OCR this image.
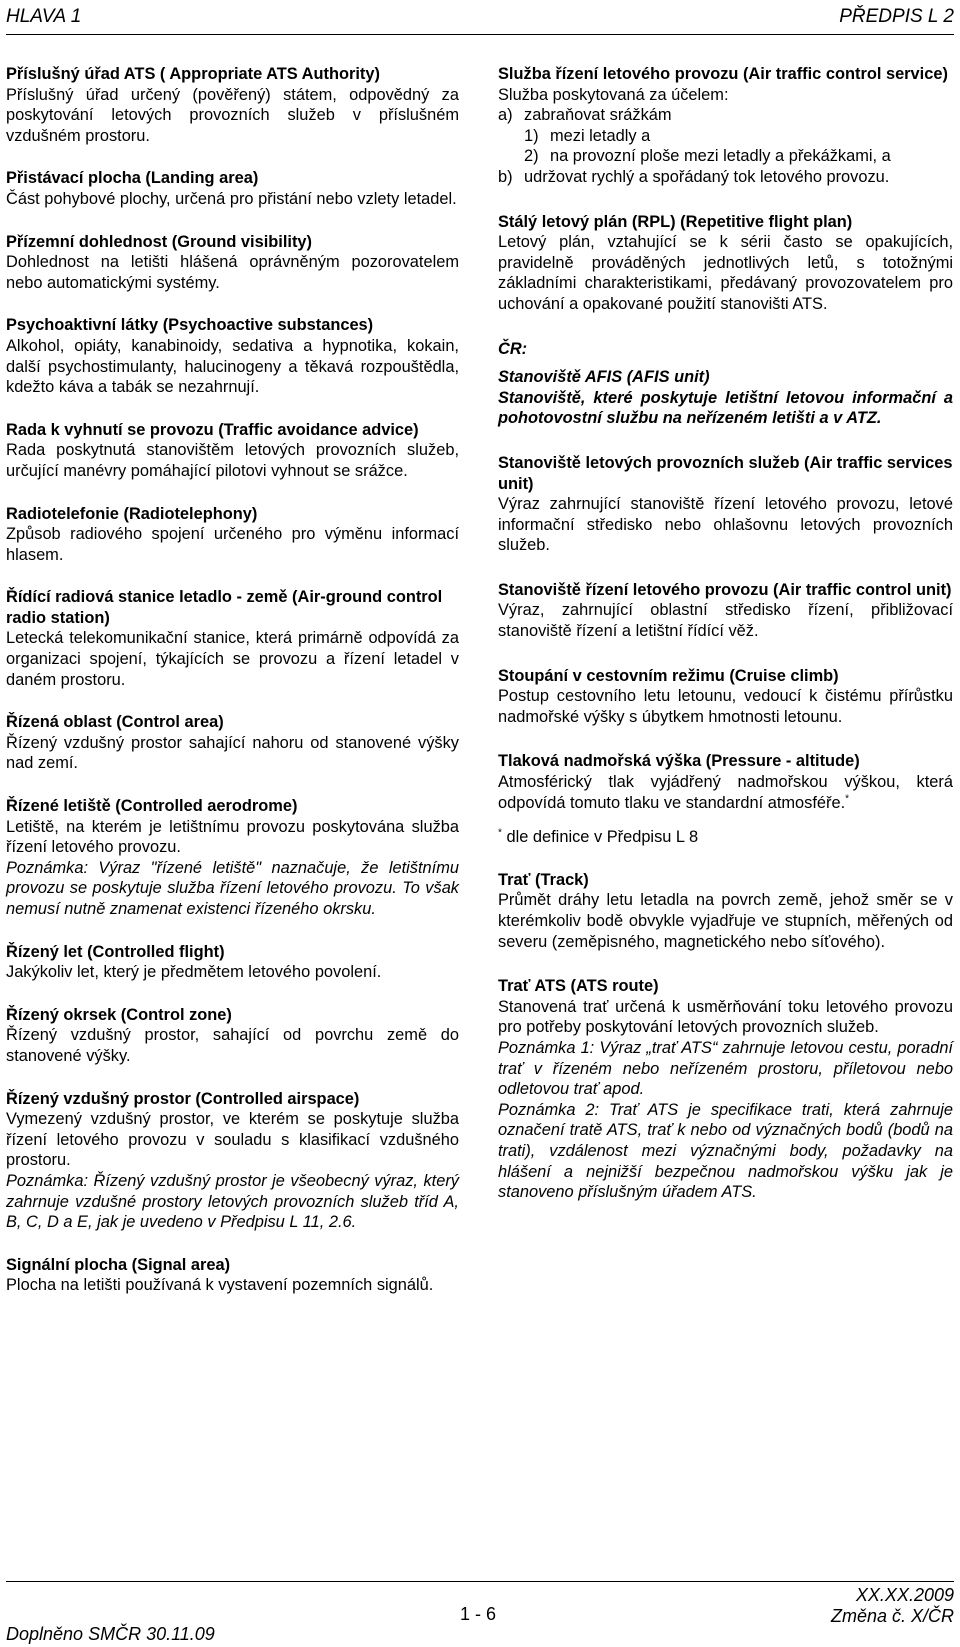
HLAVA 1	PŘEDPIS L 2
Příslušný úřad ATS ( Appropriate ATS Authority)

Příslušný úřad určený (pověřený) státem, odpovědný za poskytování letových provozních služeb v příslušném vzdušném prostoru.

Přistávací plocha (Landing area)

Část pohybové plochy, určená pro přistání nebo vzlety letadel.

Přízemní dohlednost (Ground visibility)

Dohlednost na letišti hlášená oprávněným pozorovatelem nebo automatickými systémy.

Psychoaktivní látky (Psychoactive substances)

Alkohol, opiáty, kanabinoidy, sedativa a hypnotika, kokain, další psychostimulanty, halucinogeny a těkavá rozpouštědla, kdežto káva a tabák se nezahrnují.

Rada k vyhnutí se provozu (Traffic avoidance advice)

Rada poskytnutá stanovištěm letových provozních služeb, určující manévry pomáhající pilotovi vyhnout se srážce.

Radiotelefonie (Radiotelephony)

Způsob radiového spojení určeného pro výměnu informací hlasem.

Řídící radiová stanice letadlo - země (Air-ground control radio station)

Letecká telekomunikační stanice, která primárně odpovídá za organizaci spojení, týkajících se provozu a řízení letadel v daném prostoru.

Řízená oblast (Control area)

Řízený vzdušný prostor sahající nahoru od stanovené výšky nad zemí.

Řízené letiště (Controlled aerodrome)

Letiště, na kterém je letištnímu provozu poskytována služba řízení letového provozu.

Poznámka: Výraz "řízené letiště" naznačuje, že letištnímu provozu se poskytuje služba řízení letového provozu. To však nemusí nutně znamenat existenci řízeného okrsku.

Řízený let (Controlled flight)

Jakýkoliv let, který je předmětem letového povolení.

Řízený okrsek (Control zone)

Řízený vzdušný prostor, sahající od povrchu země do stanovené výšky.

Řízený vzdušný prostor (Controlled airspace)

Vymezený vzdušný prostor, ve kterém se poskytuje služba řízení letového provozu v souladu s klasifikací vzdušného prostoru.

Poznámka: Řízený vzdušný prostor je všeobecný výraz, který zahrnuje vzdušné prostory letových provozních služeb tříd A, B, C, D a E, jak je uvedeno v Předpisu L 11, 2.6.

Signální plocha (Signal area)

Plocha na letišti používaná k vystavení pozemních signálů.

Služba řízení letového provozu (Air traffic control service)
Služba poskytovaná za účelem:
a) zabraňovat srážkám
1) mezi letadly a
2) na provozní ploše mezi letadly a překážkami, a
b) udržovat rychlý a spořádaný tok letového provozu.
Stálý letový plán (RPL) (Repetitive flight plan)

Letový plán, vztahující se k sérii často se opakujících, pravidelně prováděných jednotlivých letů, s totožnými základními charakteristikami, předávaný provozovatelem pro uchování a opakované použití stanovišti ATS.

ČR:
Stanoviště AFIS (AFIS unit)

Stanoviště, které poskytuje letištní letovou informační a pohotovostní službu na neřízeném letišti a v ATZ.

Stanoviště letových provozních služeb (Air traffic services unit)

Výraz zahrnující stanoviště řízení letového provozu, letové informační středisko nebo ohlašovnu letových provozních služeb.

Stanoviště řízení letového provozu (Air traffic control unit)

Výraz, zahrnující oblastní středisko řízení, přibližovací stanoviště řízení a letištní řídící věž.

Stoupání v cestovním režimu (Cruise climb)

Postup cestovního letu letounu, vedoucí k čistému přírůstku nadmořské výšky s úbytkem hmotnosti letounu.

Tlaková nadmořská výška (Pressure - altitude)

Atmosférický tlak vyjádřený nadmořskou výškou, která odpovídá tomuto tlaku ve standardní atmosféře.*

* dle definice v Předpisu L 8
Trať (Track)

Průmět dráhy letu letadla na povrch země, jehož směr se v kterémkoliv bodě obvykle vyjadřuje ve stupních, měřených od severu (zeměpisného, magnetického nebo síťového).

Trať ATS (ATS route)

Stanovená trať určená k usměrňování toku letového provozu pro potřeby poskytování letových provozních služeb.

Poznámka 1: Výraz „trať ATS“ zahrnuje letovou cestu, poradní trať v řízeném nebo neřízeném prostoru, příletovou nebo odletovou trať apod.

Poznámka 2: Trať ATS je specifikace trati, která zahrnuje označení tratě ATS, trať k nebo od význačných bodů (bodů na trati), vzdálenost mezi význačnými body, požadavky na hlášení a nejnižší bezpečnou nadmořskou výšku jak je stanoveno příslušným úřadem ATS.

Doplněno SMČR 30.11.09
1 - 6
XX.XX.2009
Změna č. X/ČR
